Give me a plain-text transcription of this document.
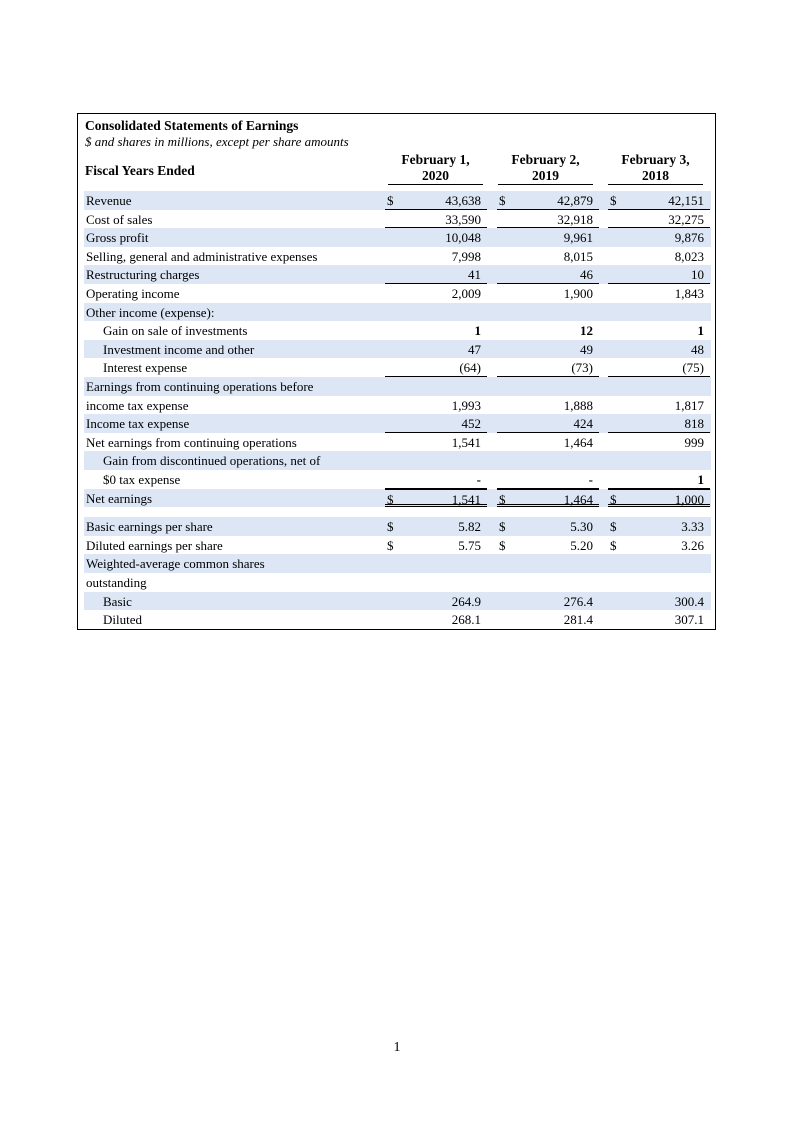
Consolidated Statements of Earnings
$ and shares in millions, except per share amounts
Fiscal Years Ended
February 1,
2020
February 2,
2019
February 3,
2018
Revenue	$	43,638 $	42,879 $	42,151
Cost of sales	33,590	32,918	32,275
Gross profit	10,048	9,961	9,876
Selling, general and administrative expenses	7,998	8,015	8,023
Restructuring charges	41	46	10
Operating income	2,009	1,900	1,843
Other income (expense):
Gain on sale of investments	1	12	1
Investment income and other	47	49	48
Interest expense	(64)	(73)	(75)
Earnings from continuing operations before
income tax expense	1,993	1,888	1,817
Income tax expense	452	424	818
Net earnings from continuing operations	1,541	1,464	999
Gain from discontinued operations, net of
$0 tax expense	-	-	1
Net earnings	$	1,541 $	1,464 $	1,000
Basic earnings per share	$	5.82 $	5.30 $	3.33
Diluted earnings per share	$	5.75 $	5.20 $	3.26
Weighted-average common shares
outstanding
Basic	264.9	276.4	300.4
Diluted	268.1	281.4	307.1
1
